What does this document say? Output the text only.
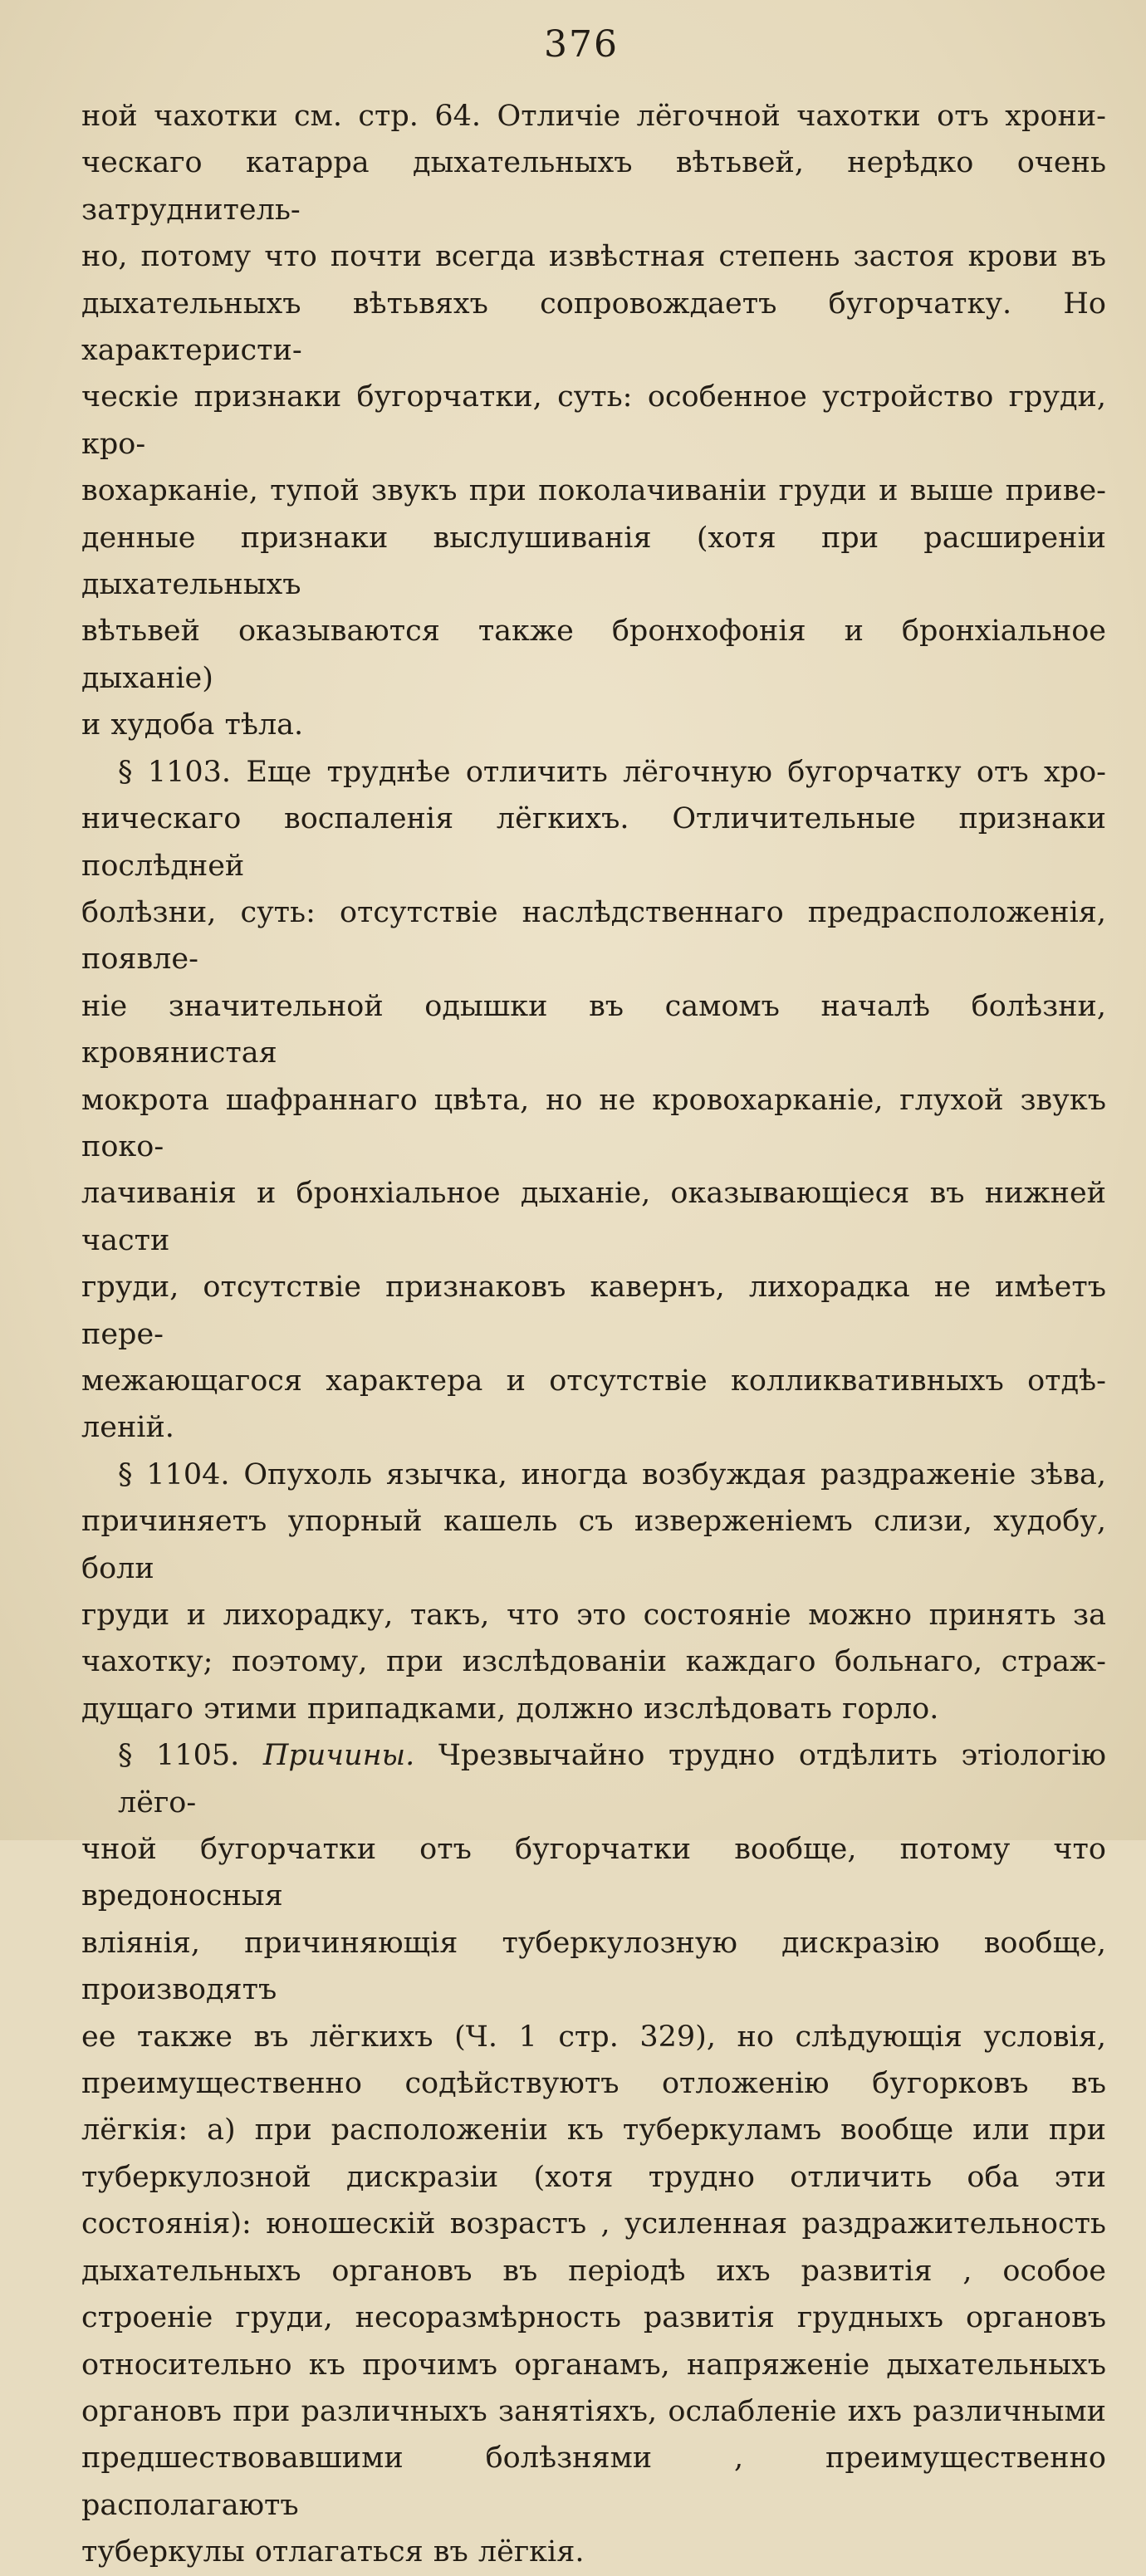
376

ной чахотки см. стр. 64. Отличіе лёгочной чахотки отъ хрони-
ческаго катарра дыхательныхъ вѣтьвей, нерѣдко очень затруднитель-
но, потому что почти всегда извѣстная степень застоя крови въ
дыхательныхъ вѣтьвяхъ сопровождаетъ бугорчатку. Но характеристи-
ческіе признаки бугорчатки, суть: особенное устройство груди, кро-
вохарканіе, тупой звукъ при поколачиваніи груди и выше приве-
денные признаки выслушиванія (хотя при расширеніи дыхательныхъ
вѣтьвей оказываются также бронхофонія и бронхіальное дыханіе)
и худоба тѣла.

§ 1103. Еще труднѣе отличить лёгочную бугорчатку отъ хро-
ническаго воспаленія лёгкихъ. Отличительные признаки послѣдней
болѣзни, суть: отсутствіе наслѣдственнаго предрасположенія, появле-
ніе значительной одышки въ самомъ началѣ болѣзни, кровянистая
мокрота шафраннаго цвѣта, но не кровохарканіе, глухой звукъ поко-
лачиванія и бронхіальное дыханіе, оказывающіеся въ нижней части
груди, отсутствіе признаковъ кавернъ, лихорадка не имѣетъ пере-
межающагося характера и отсутствіе колликвативныхъ отдѣ-
леній.

§ 1104. Опухоль язычка, иногда возбуждая раздраженіе зѣва,
причиняетъ упорный кашель съ изверженіемъ слизи, худобу, боли
груди и лихорадку, такъ, что это состояніе можно принять за
чахотку; поэтому, при изслѣдованіи каждаго больнаго, страж-
дущаго этими припадками, должно изслѣдовать горло.

§ 1105. Причины. Чрезвычайно трудно отдѣлить этіологію лёго-
чной бугорчатки отъ бугорчатки вообще, потому что вредоносныя
вліянія, причиняющія туберкулозную дискразію вообще, производятъ
ее также въ лёгкихъ (Ч. 1 стр. 329), но слѣдующія условія,
преимущественно содѣйствуютъ отложенію бугорковъ въ
лёгкія: а) при расположеніи къ туберкуламъ вообще или при
туберкулозной дискразіи (хотя трудно отличить оба эти
состоянія): юношескій возрастъ , усиленная раздражительность
дыхательныхъ органовъ въ періодѣ ихъ развитія , особое
строеніе груди, несоразмѣрность развитія грудныхъ органовъ
относительно къ прочимъ органамъ, напряженіе дыхательныхъ
органовъ при различныхъ занятіяхъ, ослабленіе ихъ различными
предшествовавшими болѣзнями , преимущественно располагаютъ
туберкулы отлагаться въ лёгкія.
